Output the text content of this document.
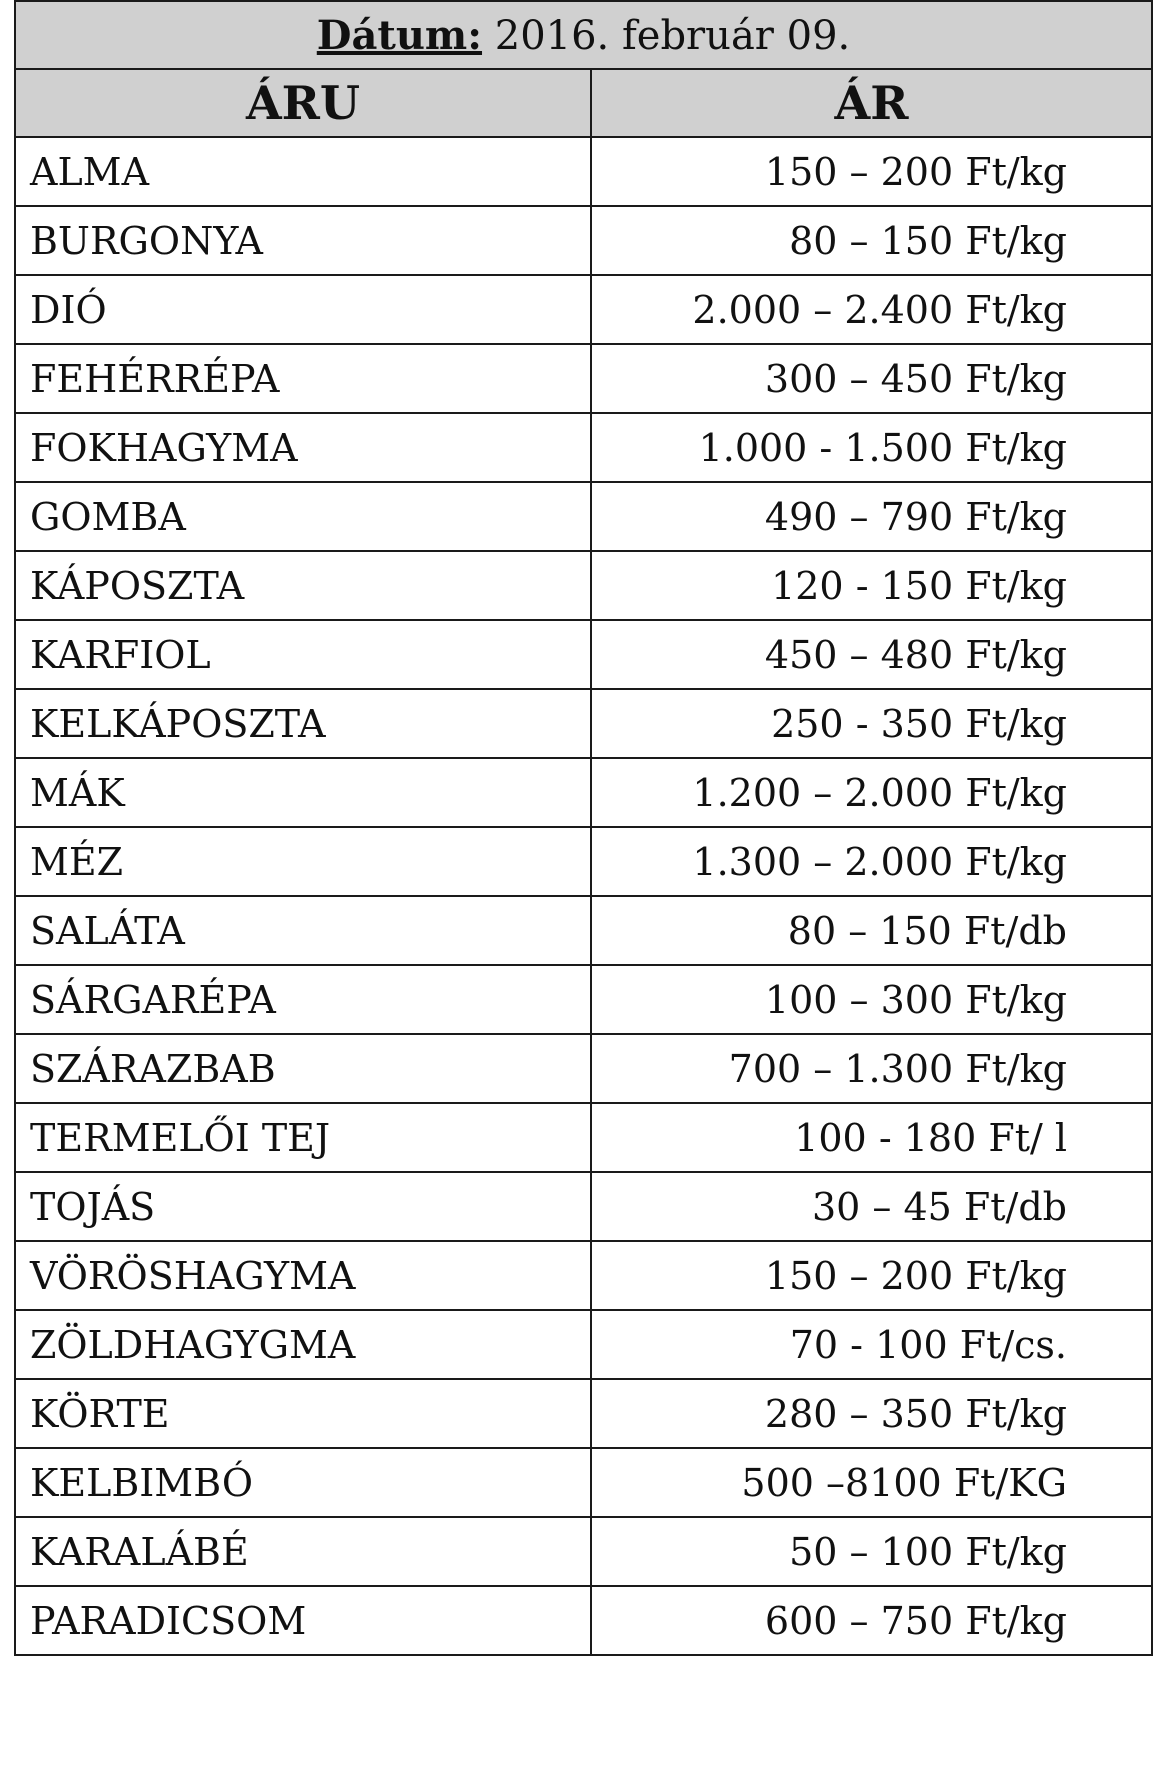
Dátum: 2016. február 09.	
ÁRU	ÁR
ALMA	150 – 200 Ft/kg
BURGONYA	80 – 150 Ft/kg
DIÓ	2.000 – 2.400 Ft/kg
FEHÉRRÉPA	300 – 450 Ft/kg
FOKHAGYMA	1.000 - 1.500 Ft/kg
GOMBA	490 – 790 Ft/kg
KÁPOSZTA	120 - 150 Ft/kg
KARFIOL	450 – 480 Ft/kg
KELKÁPOSZTA	250 - 350 Ft/kg
MÁK	1.200 – 2.000 Ft/kg
MÉZ	1.300 – 2.000 Ft/kg
SALÁTA	80 – 150 Ft/db
SÁRGARÉPA	100 – 300 Ft/kg
SZÁRAZBAB	700 – 1.300 Ft/kg
TERMELŐI TEJ	100 - 180 Ft/ l
TOJÁS	30 – 45 Ft/db
VÖRÖSHAGYMA	150 – 200 Ft/kg
ZÖLDHAGYGMA	70 - 100 Ft/cs.
KÖRTE	280 – 350 Ft/kg
KELBIMBÓ	500 –8100 Ft/KG
KARALÁBÉ	50 – 100 Ft/kg
PARADICSOM	600 – 750 Ft/kg
